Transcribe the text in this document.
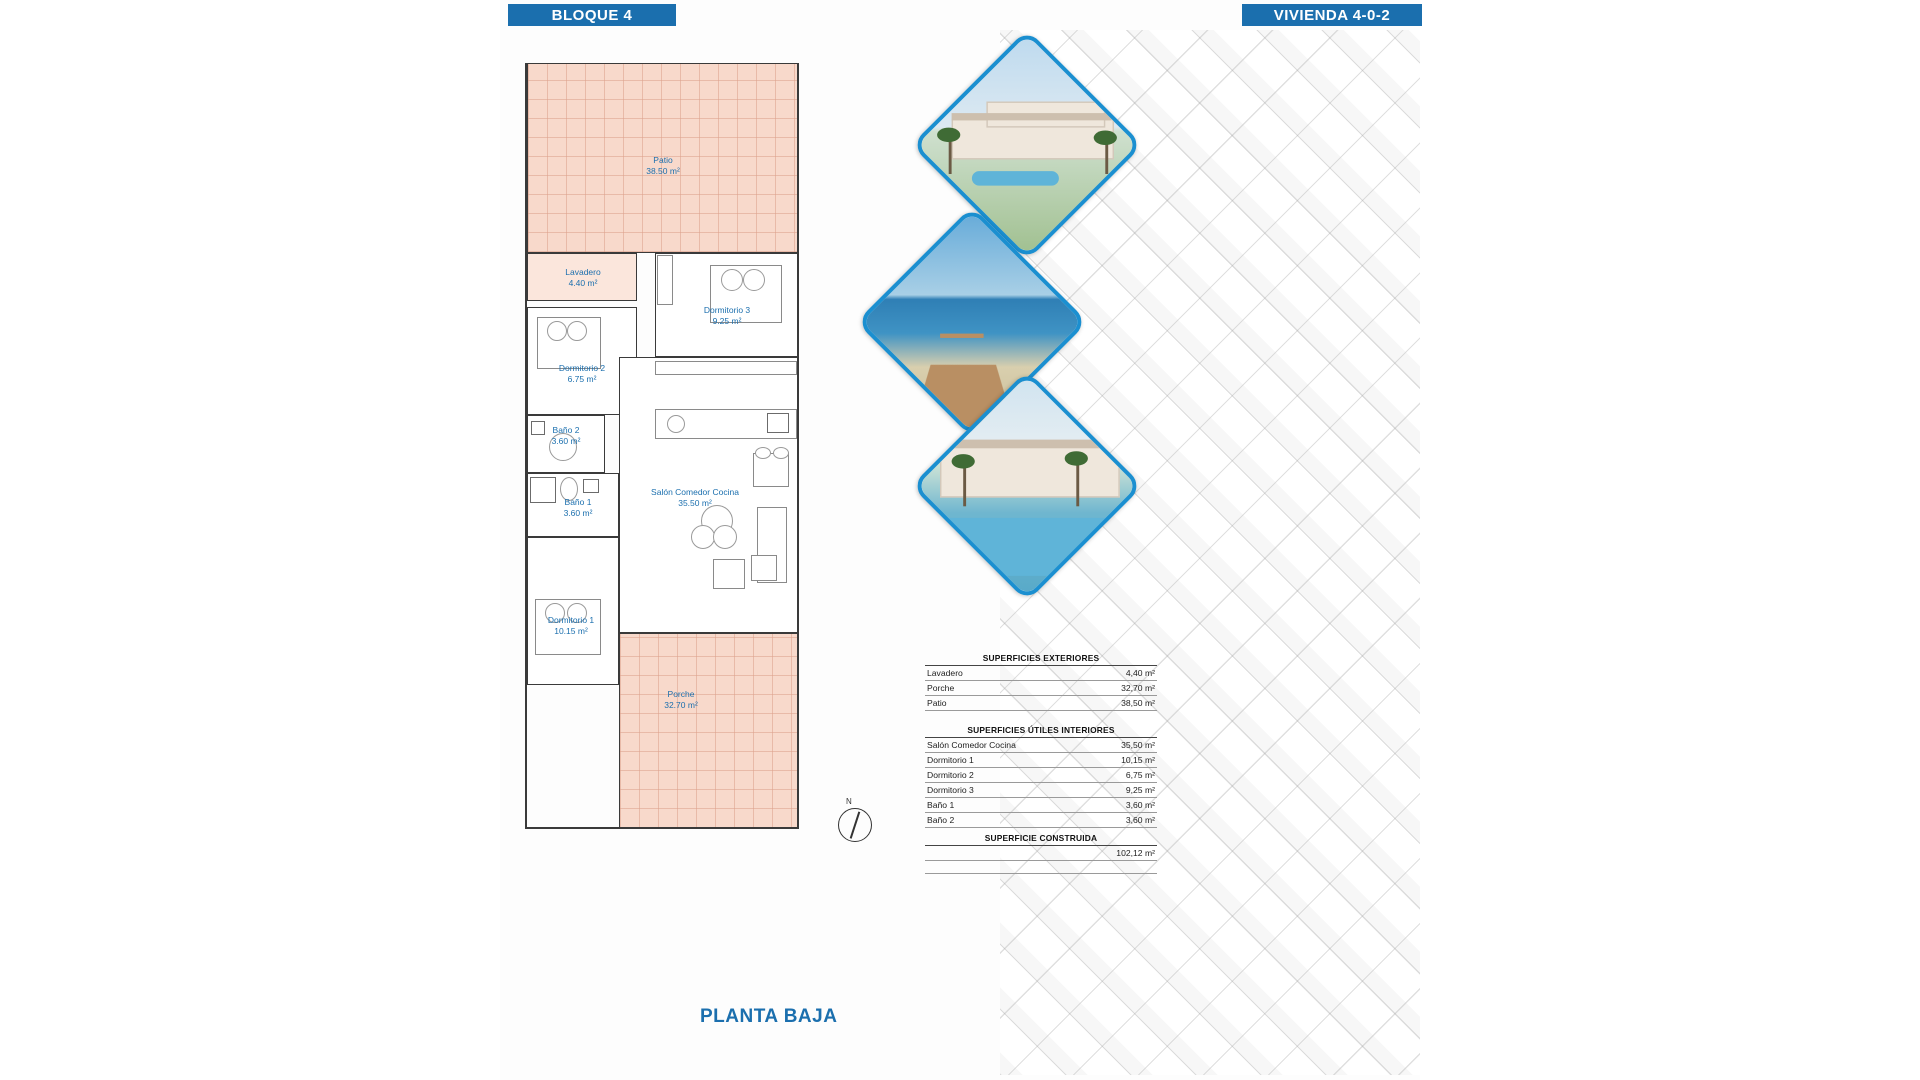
BLOQUE 4	VIVIENDA 4-0-2
Patio
38.50 m²
Lavadero
4.40 m²
Dormitorio 3
9.25 m²
Dormitorio 2
6.75 m²
Baño 2
3.60 m²
Baño 1
3.60 m²
Salón Comedor Cocina
35.50 m²
Dormitorio 1
10.15 m²
Porche
32.70 m²
PLANTA BAJA
N
SUPERFICIES EXTERIORES
Lavadero	4,40 m²
Porche	32,70 m²
Patio	38,50 m²
SUPERFICIES ÚTILES INTERIORES
Salón Comedor Cocina	35,50 m²
Dormitorio 1	10,15 m²
Dormitorio 2	6,75 m²
Dormitorio 3	9,25 m²
Baño 1	3,60 m²
Baño 2	3,60 m²
SUPERFICIE CONSTRUIDA
102,12 m²
